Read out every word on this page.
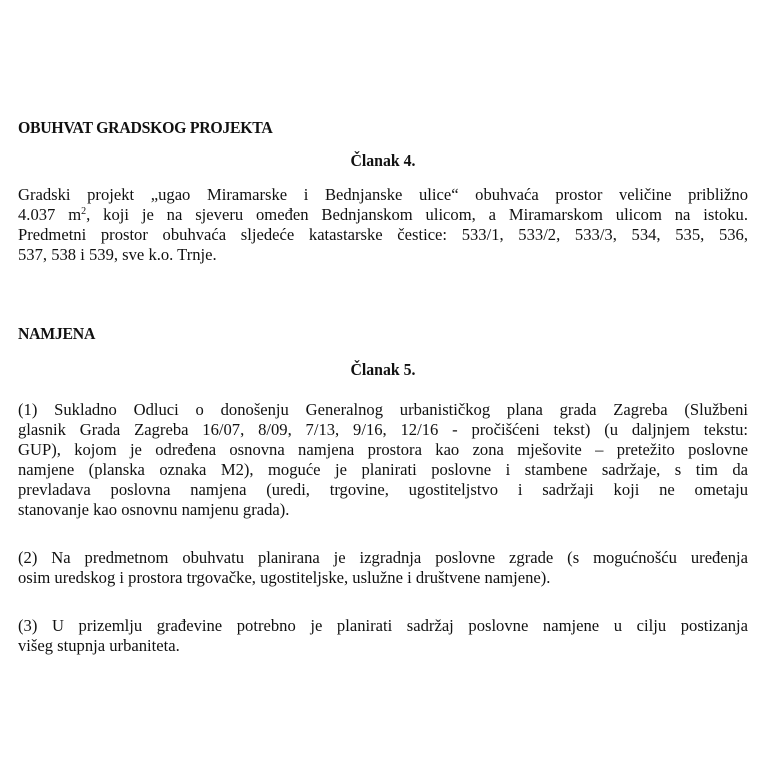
OBUHVAT GRADSKOG PROJEKTA
Članak 4.
Gradski projekt „ugao Miramarske i Bednjanske ulice“ obuhvaća prostor veličine približno
4.037 $m^2$, koji je na sjeveru omeđen Bednjanskom ulicom, a Miramarskom ulicom na istoku.
Predmetni prostor obuhvaća sljedeće katastarske čestice: 533/1, 533/2, 533/3, 534, 535, 536,
537, 538 i 539, sve k.o. Trnje.
NAMJENA
Članak 5.
(1) Sukladno Odluci o donošenju Generalnog urbanističkog plana grada Zagreba (Službeni
glasnik Grada Zagreba 16/07, 8/09, 7/13, 9/16, 12/16 - pročišćeni tekst) (u daljnjem tekstu:
GUP), kojom je određena osnovna namjena prostora kao zona mješovite – pretežito poslovne
namjene (planska oznaka M2), moguće je planirati poslovne i stambene sadržaje, s tim da
prevladava poslovna namjena (uredi, trgovine, ugostiteljstvo i sadržaji koji ne ometaju
stanovanje kao osnovnu namjenu grada).
(2) Na predmetnom obuhvatu planirana je izgradnja poslovne zgrade (s mogućnošću uređenja
osim uredskog i prostora trgovačke, ugostiteljske, uslužne i društvene namjene).
(3) U prizemlju građevine potrebno je planirati sadržaj poslovne namjene u cilju postizanja
višeg stupnja urbaniteta.
